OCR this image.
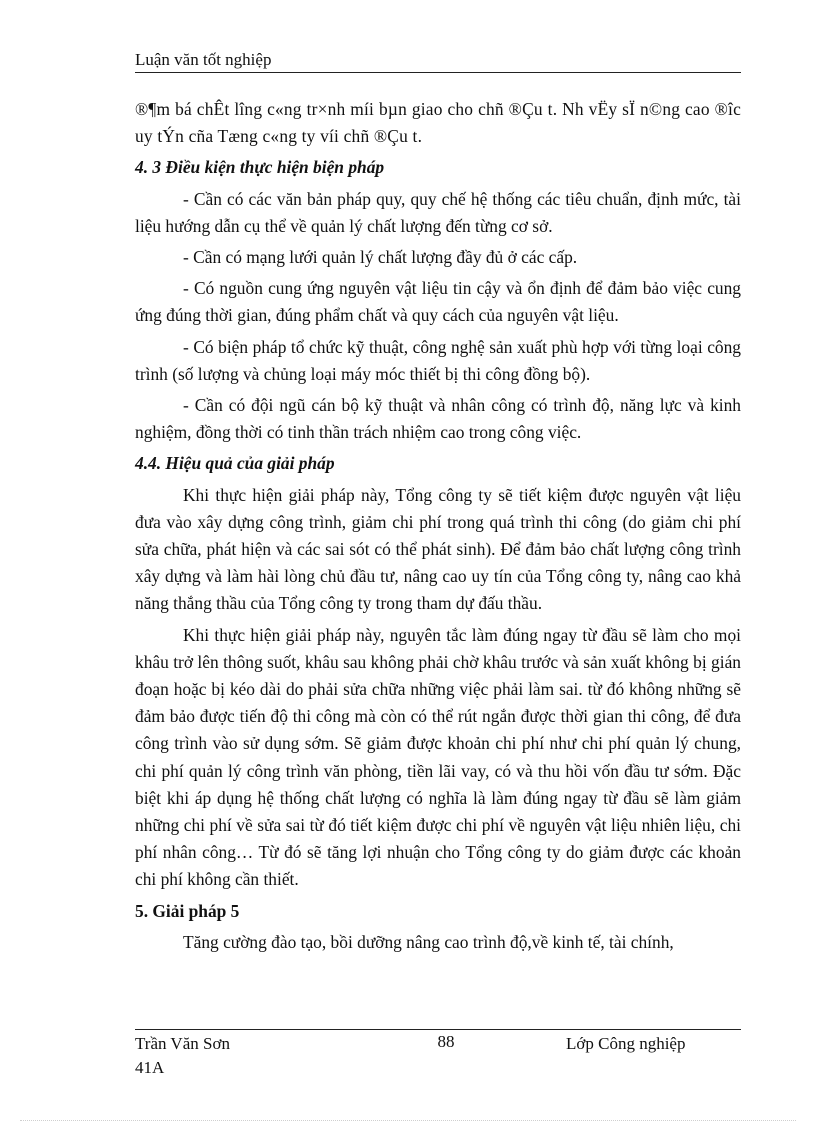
Luận văn tốt nghiệp

®¶m bá chÊt lîng c«ng tr×nh míi bµn giao cho chñ ®Çu t. Nh vËy sÏ n©ng cao ®îc uy tÝn cña Tæng c«ng ty víi chñ ®Çu t.

4. 3 Điều kiện thực hiện biện pháp

- Cần có các văn bản pháp quy, quy chế hệ thống các tiêu chuẩn, định mức, tài liệu hướng dẫn cụ thể về quản lý chất lượng đến từng cơ sở.

- Cần có mạng lưới quản lý chất lượng đầy đủ ở các cấp.

- Có nguồn cung ứng nguyên vật liệu tin cậy và ổn định để đảm bảo việc cung ứng đúng thời gian, đúng phẩm chất và quy cách của nguyên vật liệu.

- Có biện pháp tổ chức kỹ thuật, công nghệ sản xuất phù hợp với từng loại công trình (số lượng và chủng loại máy móc thiết bị thi công đồng bộ).

- Cần có đội ngũ cán bộ kỹ thuật và nhân công có trình độ, năng lực và kinh nghiệm, đồng thời có tinh thần trách nhiệm cao trong công việc.

4.4. Hiệu quả của giải pháp

Khi thực hiện giải pháp này, Tổng công ty sẽ tiết kiệm được nguyên vật liệu đưa vào xây dựng công trình, giảm chi phí trong quá trình thi công (do giảm chi phí sửa chữa, phát hiện và các sai sót có thể phát sinh). Để đảm bảo chất lượng công trình xây dựng và làm hài lòng chủ đầu tư, nâng cao uy tín của Tổng công ty, nâng cao khả năng thắng thầu của Tổng công ty trong tham dự đấu thầu.

Khi thực hiện giải pháp này, nguyên tắc làm đúng ngay từ đầu sẽ làm cho mọi khâu trở lên thông suốt, khâu sau không phải chờ khâu trước và sản xuất không bị gián đoạn hoặc bị kéo dài do phải sửa chữa những việc phải làm sai. từ đó không những sẽ đảm bảo được tiến độ thi công mà còn có thể rút ngắn được thời gian thi công, để đưa công trình vào sử dụng sớm. Sẽ giảm được khoản chi phí như chi phí quản lý chung, chi phí quản lý công trình văn phòng, tiền lãi vay, có và thu hồi vốn đầu tư sớm. Đặc biệt khi áp dụng hệ thống chất lượng có nghĩa là làm đúng ngay từ đầu sẽ làm giảm những chi phí về sửa sai từ đó tiết kiệm được chi phí về nguyên vật liệu nhiên liệu, chi phí nhân công… Từ đó sẽ tăng lợi nhuận cho Tổng công ty do giảm được các khoản chi phí không cần thiết.

5. Giải pháp 5

Tăng cường đào tạo, bồi dưỡng nâng cao trình độ,về kinh tế, tài chính,

Trần Văn Sơn
41A
88	Lớp Công nghiệp
